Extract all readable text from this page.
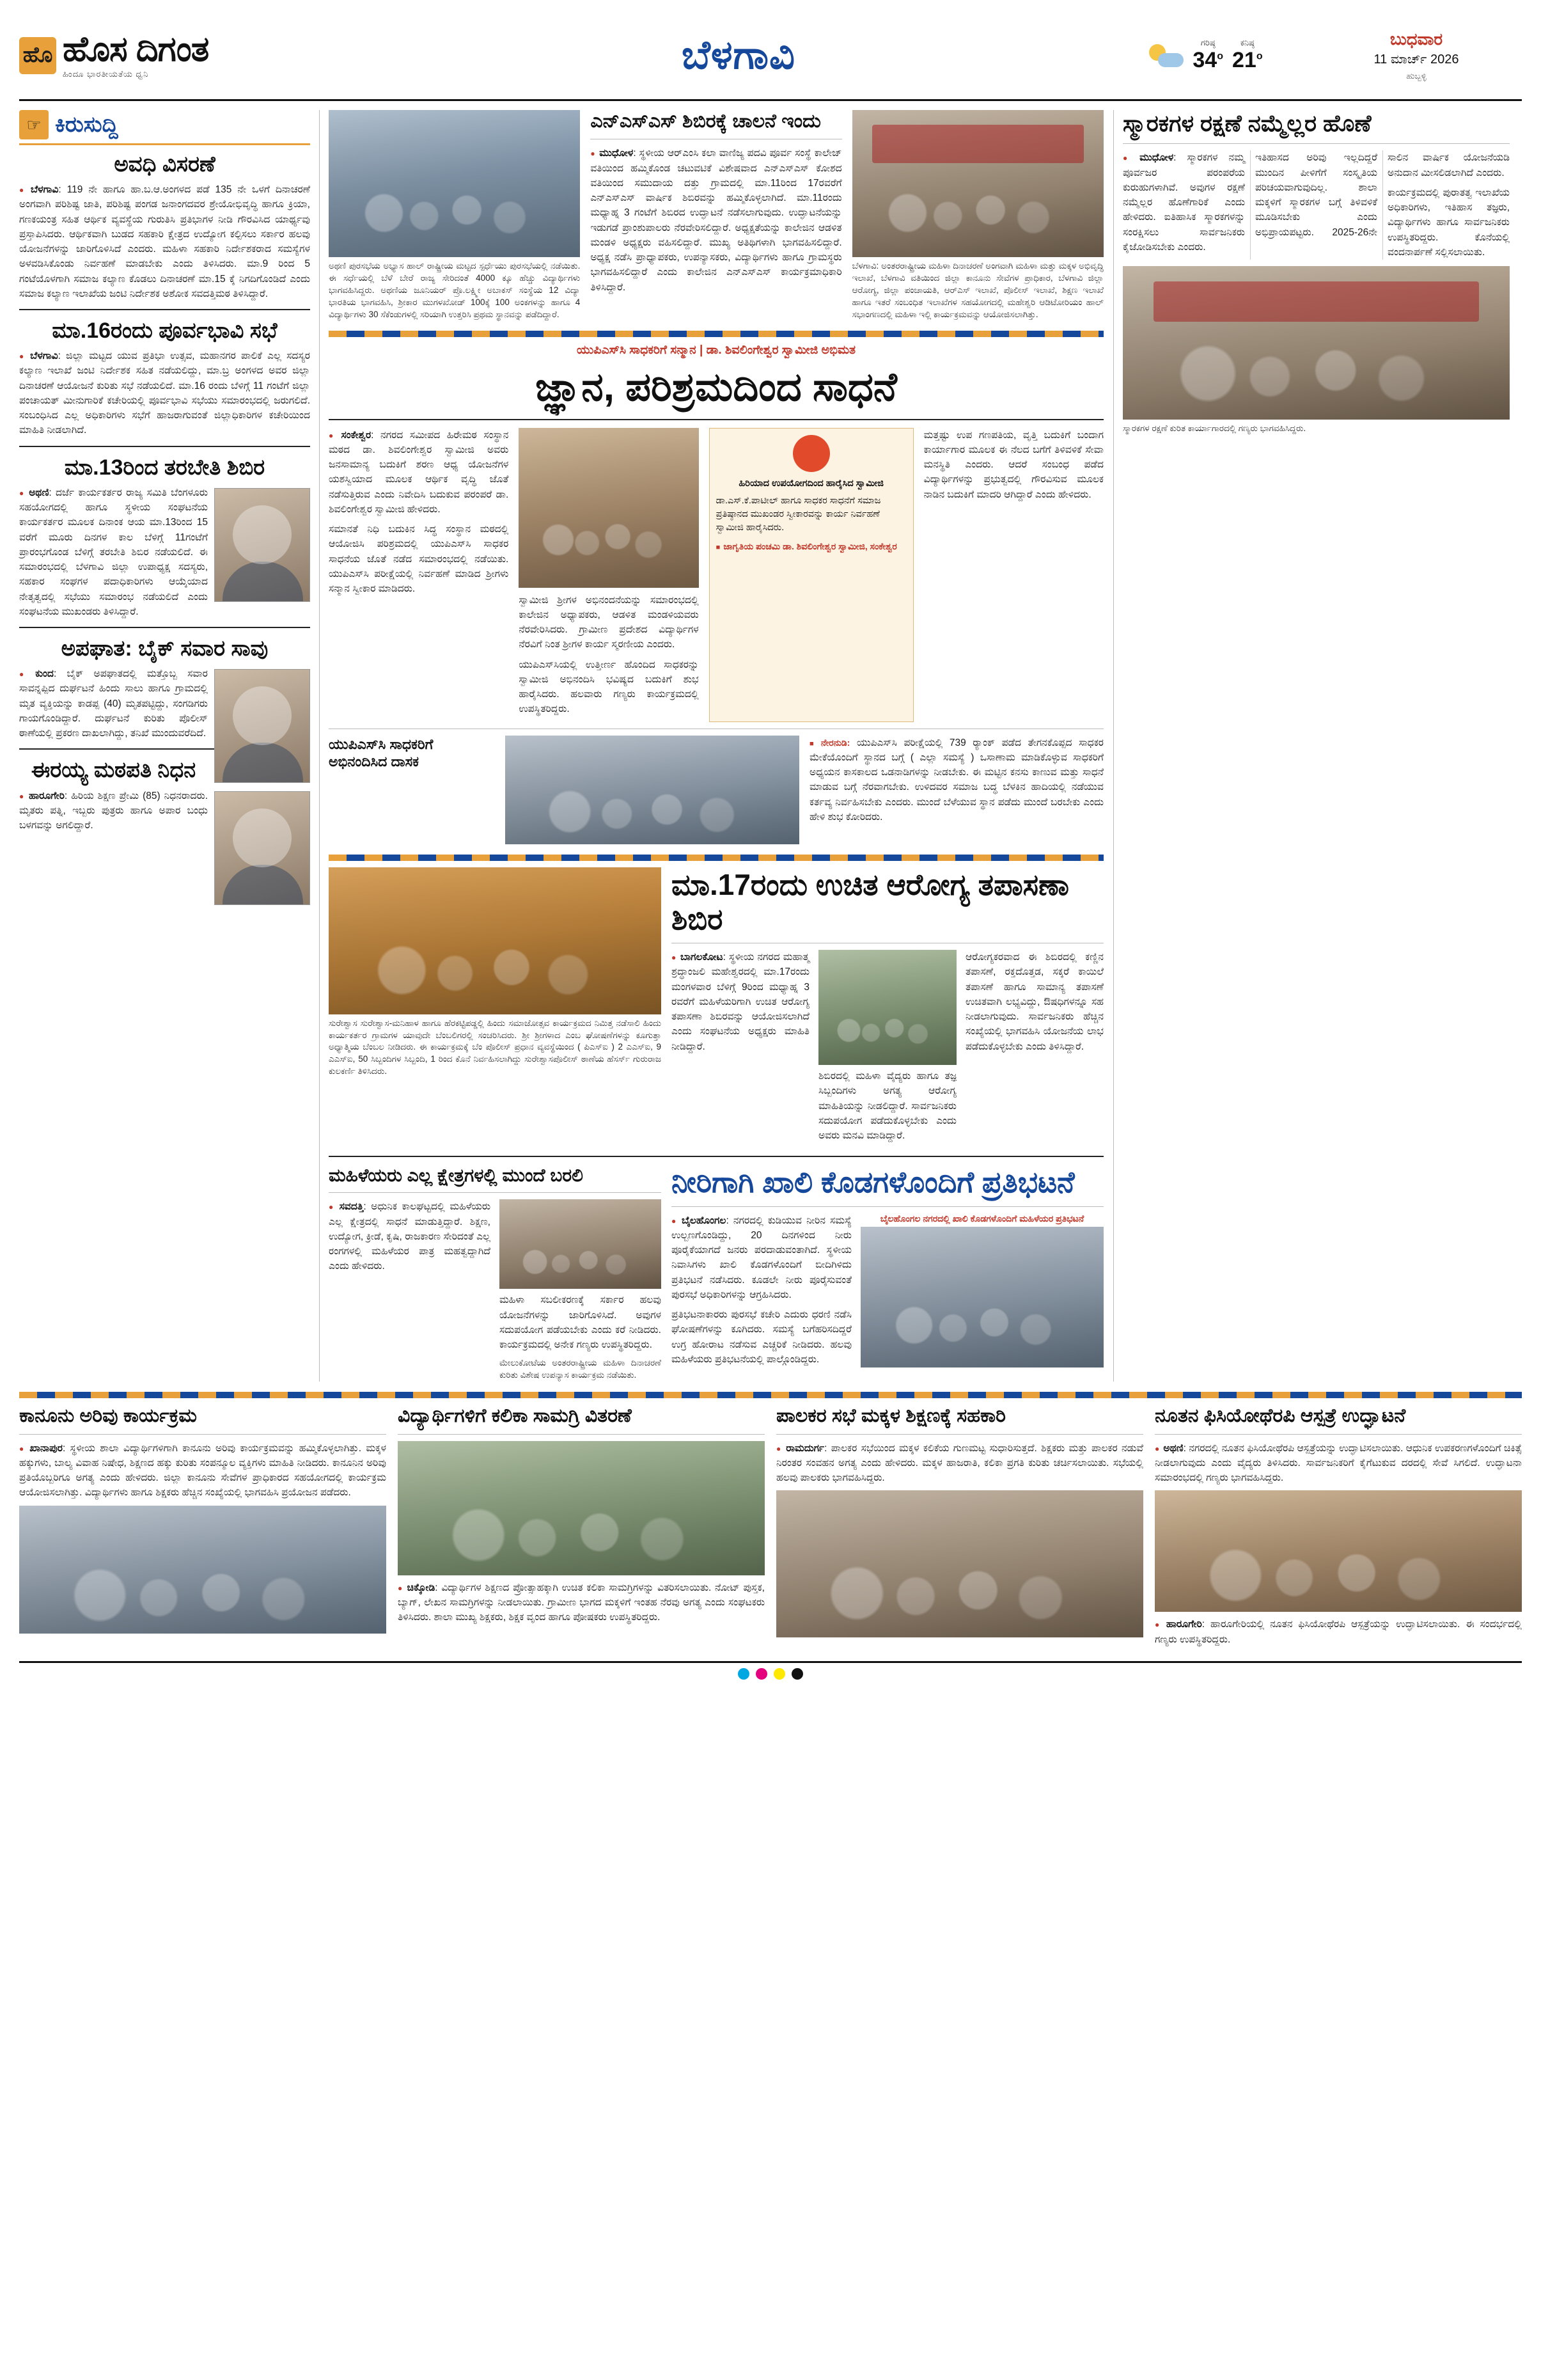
ಹೊ ಹೊಸ ದಿಗಂತ
ಹಿಂದೂ ಭಾರತೀಯತೆಯ ಧ್ವನಿ	ಬೆಳಗಾವಿ	ಗರಿಷ್ಠ
34$^o$
ಕನಿಷ್ಠ
21$^o$
ಬುಧವಾರ
11 ಮಾರ್ಚ್ 2026
ಹುಬ್ಬಳ್ಳಿ
☞ ಕಿರುಸುದ್ದಿ
ಅವಧಿ ವಿಸರಣೆ

● ಬೆಳಗಾವಿ: 119 ನೇ ಹಾಗೂ ಹಾ.ಬ.ಆ.ಅಂಗಳದ ಪಡೆ 135 ನೇ ಒಳಗೆ ದಿನಾಚರಣೆ ಅಂಗವಾಗಿ ಪರಿಶಿಷ್ಟ ಜಾತಿ, ಪರಿಶಿಷ್ಟ ಪಂಗಡ ಜನಾಂಗದವರ ಶ್ರೇಯೋಭಿವೃದ್ಧಿ ಹಾಗೂ ಕ್ರಿಯಾ, ಗಣಕಯಂತ್ರ ಸಹಿತ ಆರ್ಥಿಕ ವ್ಯವಸ್ಥೆಯ ಗುರುತಿಸಿ ಪ್ರತಿಭಾಗಳ ನೀಡಿ ಗೌರವಿಸಿದ ಯಾರ್ಥ್ಯವು ಪ್ರಸ್ತಾಪಿಸಿದರು. ಆರ್ಥಿಕವಾಗಿ ಬುಡದ ಸಹಕಾರಿ ಕ್ಷೇತ್ರದ ಉದ್ಯೋಗ ಕಲ್ಪಿಸಲು ಸರ್ಕಾರ ಹಲವು ಯೋಜನೆಗಳನ್ನು ಜಾರಿಗೊಳಿಸಿದೆ ಎಂದರು. ಮಹಿಳಾ ಸಹಕಾರಿ ನಿರ್ದೇಶಕರಾದ ಸಮಸ್ಯೆಗಳ ಅಳವಡಿಸಿಕೊಂಡು ನಿರ್ವಹಣೆ ಮಾಡಬೇಕು ಎಂದು ತಿಳಿಸಿದರು. ಮಾ.9 ರಿಂದ 5 ಗಂಟೆಯೊಳಗಾಗಿ ಸಮಾಜ ಕಲ್ಯಾಣ ಕೊಡಲು ದಿನಾಚರಣೆ ಮಾ.15 ಕ್ಕೆ ನಿಗದಿಗೊಂಡಿದೆ ಎಂದು ಸಮಾಜ ಕಲ್ಯಾಣ ಇಲಾಖೆಯ ಜಂಟಿ ನಿರ್ದೇಶಕ ಅಶೋಕ ಸವದತ್ತಿಮಠ ತಿಳಿಸಿದ್ದಾರೆ.

ಮಾ.16ರಂದು ಪೂರ್ವಭಾವಿ ಸಭೆ

● ಬೆಳಗಾವಿ: ಜಿಲ್ಲಾ ಮಟ್ಟದ ಯುವ ಪ್ರತಿಭಾ ಉತ್ಸವ, ಮಹಾನಗರ ಪಾಲಿಕೆ ಎಲ್ಲ ಸದಸ್ಯರ ಕಲ್ಯಾಣ ಇಲಾಖೆ ಜಂಟಿ ನಿರ್ದೇಶಕ ಸಹಿತ ನಡೆಯಲಿದ್ದು, ಮಾ.ಬ್ರ ಅಂಗಳದ ಅವರ ಜಿಲ್ಲಾ ದಿನಾಚರಣೆ ಆಯೋಜನೆ ಕುರಿತು ಸಭೆ ನಡೆಯಲಿದೆ. ಮಾ.16 ರಂದು ಬೆಳಿಗ್ಗೆ 11 ಗಂಟೆಗೆ ಜಿಲ್ಲಾ ಪಂಚಾಯತ್ ಮೀನುಗಾರಿಕೆ ಕಚೇರಿಯಲ್ಲಿ ಪೂರ್ವಭಾವಿ ಸಭೆಯು ಸಮಾರಂಭದಲ್ಲಿ ಜರುಗಲಿದೆ. ಸಂಬಂಧಿಸಿದ ಎಲ್ಲ ಅಧಿಕಾರಿಗಳು ಸಭೆಗೆ ಹಾಜರಾಗುವಂತೆ ಜಿಲ್ಲಾಧಿಕಾರಿಗಳ ಕಚೇರಿಯಿಂದ ಮಾಹಿತಿ ನೀಡಲಾಗಿದೆ.

ಮಾ.13ರಿಂದ ತರಬೇತಿ ಶಿಬಿರ

● ಅಥಣಿ: ದರ್ಜೆ ಕಾರ್ಯಕರ್ತರ ರಾಜ್ಯ ಸಮಿತಿ ಬೆಂಗಳೂರು ಸಹಯೋಗದಲ್ಲಿ ಹಾಗೂ ಸ್ಥಳೀಯ ಸಂಘಟನೆಯ ಕಾರ್ಯಕರ್ತರ ಮೂಲಕ ದಿನಾಂಕ ಆಯ ಮಾ.13ರಿಂದ 15 ವರೆಗೆ ಮೂರು ದಿನಗಳ ಕಾಲ ಬೆಳಿಗ್ಗೆ 11ಗಂಟೆಗೆ ಪ್ರಾರಂಭಗೊಂಡ ಬೆಳಿಗ್ಗೆ ತರಬೇತಿ ಶಿಬಿರ ನಡೆಯಲಿದೆ. ಈ ಸಮಾರಂಭದಲ್ಲಿ ಬೆಳಗಾವಿ ಜಿಲ್ಲಾ ಉಪಾಧ್ಯಕ್ಷ ಸದಸ್ಯರು, ಸಹಕಾರ ಸಂಘಗಳ ಪದಾಧಿಕಾರಿಗಳು ಆಯ್ಕೆಯಾದ ನೇತೃತ್ವದಲ್ಲಿ ಸಭೆಯು ಸಮಾರಂಭ ನಡೆಯಲಿದೆ ಎಂದು ಸಂಘಟನೆಯ ಮುಖಂಡರು ತಿಳಿಸಿದ್ದಾರೆ.

ಅಪಘಾತ: ಬೈಕ್ ಸವಾರ ಸಾವು

● ಕುಂದ: ಬೈಕ್ ಅಪಘಾತದಲ್ಲಿ ಮತ್ತೊಬ್ಬ ಸವಾರ ಸಾವನ್ನಪ್ಪಿದ ದುರ್ಘಟನೆ ಹಿಂದು ಸಾಲು ಹಾಗೂ ಗ್ರಾಮದಲ್ಲಿ ಮೃತ ವ್ಯಕ್ತಿಯನ್ನು ಕಾಡಪ್ಪ (40) ಮೃತಪಟ್ಟಿದ್ದು, ಸಂಗಡಿಗರು ಗಾಯಗೊಂಡಿದ್ದಾರೆ. ದುರ್ಘಟನೆ ಕುರಿತು ಪೊಲೀಸ್ ಠಾಣೆಯಲ್ಲಿ ಪ್ರಕರಣ ದಾಖಲಾಗಿದ್ದು, ತನಿಖೆ ಮುಂದುವರೆದಿದೆ.

ಈರಯ್ಯ ಮಠಪತಿ ನಿಧನ

● ಹಾರೂಗೇರಿ: ಹಿರಿಯ ಶಿಕ್ಷಣ ಪ್ರೇಮಿ (85) ನಿಧನರಾದರು. ಮೃತರು ಪತ್ನಿ, ಇಬ್ಬರು ಪುತ್ರರು ಹಾಗೂ ಅಪಾರ ಬಂಧು ಬಳಗವನ್ನು ಅಗಲಿದ್ದಾರೆ.

ಅಥಣಿ ಪುರಸಭೆಯ ಅಭ್ಯಾಸ ಹಾಲ್ ರಾಷ್ಟ್ರೀಯ ಮಟ್ಟದ ಸ್ಪರ್ಧೆಯು ಪುರಸಭೆಯಲ್ಲಿ ನಡೆಯಿತು. ಈ ಸರ್ಧೆಯಲ್ಲಿ ಬೆಳೆ ಬೇರೆ ರಾಜ್ಯ ಸೇರಿದಂತೆ 4000 ಕ್ಕೂ ಹೆಚ್ಚು ವಿದ್ಯಾರ್ಥಿಗಳು ಭಾಗವಹಿಸಿದ್ದರು. ಅಥಣಿಯ ಜೂನಿಯರ್ ಪ್ರೊ.ಲಕ್ಷ್ಮೀ ಅಬಾಕಸ್ ಸಂಸ್ಥೆಯ 12 ವಿದ್ಯಾ ಭಾರತಿಯ ಭಾಗವಹಿಸಿ, ಶ್ರೀಕಾರ ಮುಗಳಖೋಡ್ 100ಕ್ಕೆ 100 ಅಂಕಗಳನ್ನು ಹಾಗೂ 4 ವಿದ್ಯಾರ್ಥಿಗಳು 30 ಸೆಕೆಂಡುಗಳಲ್ಲಿ ಸರಿಯಾಗಿ ಉತ್ತರಿಸಿ ಪ್ರಥಮ ಸ್ಥಾನವನ್ನು ಪಡೆದಿದ್ದಾರೆ.
ಎನ್‌ಎಸ್‌ಎಸ್ ಶಿಬಿರಕ್ಕೆ ಚಾಲನೆ ಇಂದು

● ಮುಧೋಳ: ಸ್ಥಳೀಯ ಆರ್‌ಎಂಸಿ ಕಲಾ ವಾಣಿಜ್ಯ ಪದವಿ ಪೂರ್ವ ಸಂಸ್ಥೆ ಕಾಲೇಜ್ ವತಿಯಿಂದ ಹಮ್ಮಿಕೊಂಡ ಚಟುವಟಿಕೆ ವಿಶೇಷವಾದ ಎನ್‌ಎಸ್‌ಎಸ್ ಕೋಶದ ವತಿಯಿಂದ ಸಮುದಾಯ ದತ್ತು ಗ್ರಾಮದಲ್ಲಿ ಮಾ.11ರಿಂದ 17ರವರೆಗೆ ಎನ್‌ಎಸ್‌ಎಸ್ ವಾರ್ಷಿಕ ಶಿಬಿರವನ್ನು ಹಮ್ಮಿಕೊಳ್ಳಲಾಗಿದೆ. ಮಾ.11ರಂದು ಮಧ್ಯಾಹ್ನ 3 ಗಂಟೆಗೆ ಶಿಬಿರದ ಉದ್ಘಾಟನೆ ನಡೆಸಲಾಗುವುದು. ಉದ್ಘಾಟನೆಯನ್ನು ಇಡುಗಡೆ ಪ್ರಾಂಶುಪಾಲರು ನೆರವೇರಿಸಲಿದ್ದಾರೆ. ಅಧ್ಯಕ್ಷತೆಯನ್ನು ಕಾಲೇಜಿನ ಆಡಳಿತ ಮಂಡಳಿ ಅಧ್ಯಕ್ಷರು ವಹಿಸಲಿದ್ದಾರೆ. ಮುಖ್ಯ ಅತಿಥಿಗಳಾಗಿ ಭಾಗವಹಿಸಲಿದ್ದಾರೆ. ಅಧ್ಯಕ್ಷ ನಡೆಸಿ ಪ್ರಾಧ್ಯಾಪಕರು, ಉಪನ್ಯಾಸಕರು, ವಿದ್ಯಾರ್ಥಿಗಳು ಹಾಗೂ ಗ್ರಾಮಸ್ಥರು ಭಾಗವಹಿಸಲಿದ್ದಾರೆ ಎಂದು ಕಾಲೇಜಿನ ಎನ್‌ಎಸ್‌ಎಸ್ ಕಾರ್ಯಕ್ರಮಾಧಿಕಾರಿ ತಿಳಿಸಿದ್ದಾರೆ.

ಬೆಳಗಾವಿ: ಅಂತರರಾಷ್ಟ್ರೀಯ ಮಹಿಳಾ ದಿನಾಚರಣೆ ಅಂಗವಾಗಿ ಮಹಿಳಾ ಮತ್ತು ಮಕ್ಕಳ ಅಭಿವೃದ್ಧಿ ಇಲಾಖೆ, ಬೆಳಗಾವಿ ವತಿಯಿಂದ ಜಿಲ್ಲಾ ಕಾನೂನು ಸೇವೆಗಳ ಪ್ರಾಧಿಕಾರ, ಬೆಳಗಾವಿ ಜಿಲ್ಲಾ ಆರೋಗ್ಯ, ಜಿಲ್ಲಾ ಪಂಚಾಯತಿ, ಆರ್‌ಎಸ್ ಇಲಾಖೆ, ಪೊಲೀಸ್ ಇಲಾಖೆ, ಶಿಕ್ಷಣ ಇಲಾಖೆ ಹಾಗೂ ಇತರೆ ಸಂಬಂಧಿತ ಇಲಾಖೆಗಳ ಸಹಯೋಗದಲ್ಲಿ ಮಹೇಶ್ವರಿ ಆಡಿಟೋರಿಯಂ ಹಾಲ್ ಸಭಾಂಗಣದಲ್ಲಿ ಮಹಿಳಾ ಇಲ್ಲಿ ಕಾರ್ಯಕ್ರಮವನ್ನು ಆಯೋಜಿಸಲಾಗಿತ್ತು.
ಯುಪಿಎಸ್‌ಸಿ ಸಾಧಕರಿಗೆ ಸನ್ಮಾನ | ಡಾ. ಶಿವಲಿಂಗೇಶ್ವರ ಸ್ವಾಮೀಜಿ ಅಭಿಮತ
ಜ್ಞಾನ, ಪರಿಶ್ರಮದಿಂದ ಸಾಧನೆ

● ಸಂಕೇಶ್ವರ: ನಗರದ ಸಮೀಪದ ಹಿರೇಮಠ ಸಂಸ್ಥಾನ ಮಠದ ಡಾ. ಶಿವಲಿಂಗೇಶ್ವರ ಸ್ವಾಮೀಜಿ ಅವರು ಜನಸಾಮಾನ್ಯ ಬದುಕಿಗೆ ಶರಣ ಆಧ್ಯ ಯೋಜನೆಗಳ ಯಶಸ್ವಿಯಾದ ಮೂಲಕ ಆರ್ಥಿಕ ವೃದ್ಧಿ ಜೊತೆ ನಡೆಸುತ್ತಿರುವ ಎಂದು ನಿವೇದಿಸಿ ಬದುಕುವ ಪರಂಪರೆ ಡಾ. ಶಿವಲಿಂಗೇಶ್ವರ ಸ್ವಾಮೀಜಿ ಹೇಳಿದರು.

ಸಮಾನತೆ ನಿಧಿ ಬದುಕಿನ ಸಿದ್ಧ ಸಂಸ್ಥಾನ ಮಠದಲ್ಲಿ ಆಯೋಜಿಸಿ ಪರಿಶ್ರಮದಲ್ಲಿ ಯುಪಿಎಸ್‌ಸಿ ಸಾಧಕರ ಸಾಧನೆಯ ಜೊತೆ ನಡೆದ ಸಮಾರಂಭದಲ್ಲಿ ನಡೆಯಿತು. ಯುಪಿಎಸ್‌ಸಿ ಪರೀಕ್ಷೆಯಲ್ಲಿ ನಿರ್ವಹಣೆ ಮಾಡಿದ ಶ್ರೀಗಳು ಸನ್ಮಾನ ಸ್ವೀಕಾರ ಮಾಡಿದರು.

ಸ್ವಾಮೀಜಿ ಶ್ರೀಗಳ ಅಭಿನಂದನೆಯನ್ನು ಸಮಾರಂಭದಲ್ಲಿ ಕಾಲೇಜಿನ ಅಧ್ಯಾಪಕರು, ಆಡಳಿತ ಮಂಡಳಿಯವರು ನೆರವೇರಿಸಿದರು. ಗ್ರಾಮೀಣ ಪ್ರದೇಶದ ವಿದ್ಯಾರ್ಥಿಗಳ ನೆರವಿಗೆ ನಿಂತ ಶ್ರೀಗಳ ಕಾರ್ಯ ಸ್ಮರಣೀಯ ಎಂದರು.

ಯುಪಿಎಸ್‌ಸಿಯಲ್ಲಿ ಉತ್ತೀರ್ಣ ಹೊಂದಿದ ಸಾಧಕರನ್ನು ಸ್ವಾಮೀಜಿ ಅಭಿನಂದಿಸಿ ಭವಿಷ್ಯದ ಬದುಕಿಗೆ ಶುಭ ಹಾರೈಸಿದರು. ಹಲವಾರು ಗಣ್ಯರು ಕಾರ್ಯಕ್ರಮದಲ್ಲಿ ಉಪಸ್ಥಿತರಿದ್ದರು.

ಹಿರಿಯಾದ ಉಪಯೋಗದಿಂದ ಹಾರೈಸಿದ ಸ್ವಾಮೀಜಿ
ಡಾ.ಎಸ್.ಕೆ.ಪಾಟೀಲ್ ಹಾಗೂ ಸಾಧಕರ ಸಾಧನೆಗೆ ಸಮಾಜ ಪ್ರತಿಷ್ಠಾನದ ಮುಖಂಡರ ಸ್ವೀಕಾರವನ್ನು ಕಾರ್ಯ ನಿರ್ವಹಣೆ ಸ್ವಾಮೀಜಿ ಹಾರೈಸಿದರು.
■ ಜಾಗೃತಿಯ ಪಂಚಮಿ ಡಾ. ಶಿವಲಿಂಗೇಶ್ವರ ಸ್ವಾಮೀಜಿ, ಸಂಕೇಶ್ವರ

ಮತ್ತಷ್ಟು ಉಪ ಗಣಪತಿಯ, ವೃತ್ತಿ ಬದುಕಿಗೆ ಬಂದಾಗ ಕಾರ್ಯಾಗಾರ ಮೂಲಕ ಈ ನೆಲದ ಬಗೆಗೆ ತಿಳಿವಳಿಕೆ ಸೇವಾ ಮನಸ್ಥಿತಿ ಎಂದರು. ಆದರೆ ಸಂಬಂಧ ಪಡೆದ ವಿದ್ಯಾರ್ಥಿಗಳನ್ನು ಪ್ರಭುತ್ವದಲ್ಲಿ ಗೌರವಿಸುವ ಮೂಲಕ ನಾಡಿನ ಬದುಕಿಗೆ ಮಾದರಿ ಆಗಿದ್ದಾರೆ ಎಂದು ಹೇಳಿದರು.

ಯುಪಿಎಸ್‌ಸಿ ಸಾಧಕರಿಗೆ ಅಭಿನಂದಿಸಿದ ದಾಸಕ

■ ನೇರನುಡಿ: ಯುಪಿಎಸ್‌ಸಿ ಪರೀಕ್ಷೆಯಲ್ಲಿ 739 ರ್‍ಯಾಂಕ್ ಪಡೆದ ತೇಗನಕೊಪ್ಪದ ಸಾಧಕರ ಮೇಕೆಯೊಂದಿಗೆ ಸ್ಥಾನದ ಬಗ್ಗೆ ( ಎಲ್ಲಾ ಸಮಸ್ಯೆ ) ಒಸಾಣಾಮ ಮಾಡಿಕೊಳ್ಳುವ ಸಾಧಕರಿಗೆ ಅಧ್ಯಯನ ಕಾಸಕಾಲದ ಒಡನಾಡಿಗಳನ್ನು ನೀಡಬೇಕು. ಈ ಮಟ್ಟಿನ ಕನಸು ಕಾಣುವ ಮತ್ತು ಸಾಧನೆ ಮಾಡುವ ಬಗ್ಗೆ ನೆರವಾಗಬೇಕು. ಉಳಿದವರ ಸಮಾಜ ಬದ್ಧ ಬೆಳಕಿನ ಹಾದಿಯಲ್ಲಿ ನಡೆಯುವ ಕರ್ತವ್ಯ ನಿರ್ವಹಿಸಬೇಕು ಎಂದರು. ಮುಂದೆ ಬೆಳೆಯುವ ಸ್ಥಾನ ಪಡೆದು ಮುಂದೆ ಬರಬೇಕು ಎಂದು ಹೇಳಿ ಶುಭ ಕೋರಿದರು.

ಸುರೇಶ್ವಾಸ ಸುರೇಶ್ವಾಸ-ಮನಿಹಾಳ ಹಾಗೂ ಹೆರಕಟ್ಟಿಪಡ್ಡಲ್ಲಿ ಹಿಂದು ಸಮಾಜೋತ್ಸವ ಕಾರ್ಯಕ್ರಮದ ನಿಮಿತ್ತ ನಡೆಸಾಲಿ ಹಿಂದು ಕಾರ್ಯಕರ್ತರ ಗ್ರಾಮಗಳ ಯಾವುದೇ ಬೆಂಬಲಿಗರಲ್ಲಿ ಸಂಚರಿಸಿದರು. ಶ್ರೀ ಶ್ರೀಗಳಾದ ಎಂಬ ಘೋಷಣೆಗಳನ್ನು ಕೂಗುತ್ತಾ ಅಧ್ಯಾತ್ಮಿಯ ಬೆಂಬಲ ನೀಡಿದರು. ಈ ಕಾರ್ಯಕ್ರಮಕ್ಕೆ ಬೆಂ ಪೊಲೀಸ್ ಪ್ರಧಾನ ವ್ಯವಸ್ಥೆಯಿಂದ ( ಪಿಎಸ್‌ಐ ) 2 ಎಎಸ್‌ಐ, 9 ಎಎಸ್‌ಐ, 50 ಸಿಬ್ಬಂದಿಗಳ ಸಿಬ್ಬಂದಿ, 1 ರಿಂದ ಕೊನೆ ನಿರ್ವಹಿಸಲಾಗಿದ್ದು ಸುರೇಶ್ವಾಸಪೊಲೀಸ್ ಠಾಣೆಯ ಹೆಸರ್ಸ್ ಗುರುರಾಜ ಕುಲಕರ್ಣಿ ತಿಳಿಸಿದರು.
ಮಾ.17ರಂದು ಉಚಿತ ಆರೋಗ್ಯ ತಪಾಸಣಾ ಶಿಬಿರ

● ಬಾಗಲಕೋಟ: ಸ್ಥಳೀಯ ನಗರದ ಮಹಾತ್ಮ ಶ್ರದ್ಧಾಂಜಲಿ ಮಹೇಶ್ವರದಲ್ಲಿ ಮಾ.17ರಂದು ಮಂಗಳವಾರ ಬೆಳಿಗ್ಗೆ 9ರಿಂದ ಮಧ್ಯಾಹ್ನ 3 ರವರೆಗೆ ಮಹಿಳೆಯರಿಗಾಗಿ ಉಚಿತ ಆರೋಗ್ಯ ತಪಾಸಣಾ ಶಿಬಿರವನ್ನು ಆಯೋಜಿಸಲಾಗಿದೆ ಎಂದು ಸಂಘಟನೆಯ ಅಧ್ಯಕ್ಷರು ಮಾಹಿತಿ ನೀಡಿದ್ದಾರೆ.

ಶಿಬಿರದಲ್ಲಿ ಮಹಿಳಾ ವೈದ್ಯರು ಹಾಗೂ ತಜ್ಞ ಸಿಬ್ಬಂದಿಗಳು ಅಗತ್ಯ ಆರೋಗ್ಯ ಮಾಹಿತಿಯನ್ನು ನೀಡಲಿದ್ದಾರೆ. ಸಾರ್ವಜನಿಕರು ಸದುಪಯೋಗ ಪಡೆದುಕೊಳ್ಳಬೇಕು ಎಂದು ಅವರು ಮನವಿ ಮಾಡಿದ್ದಾರೆ.

ಆರೋಗ್ಯಕರವಾದ ಈ ಶಿಬಿರದಲ್ಲಿ ಕಣ್ಣಿನ ತಪಾಸಣೆ, ರಕ್ತದೊತ್ತಡ, ಸಕ್ಕರೆ ಕಾಯಿಲೆ ತಪಾಸಣೆ ಹಾಗೂ ಸಾಮಾನ್ಯ ತಪಾಸಣೆ ಉಚಿತವಾಗಿ ಲಭ್ಯವಿದ್ದು, ಔಷಧಿಗಳನ್ನೂ ಸಹ ನೀಡಲಾಗುವುದು. ಸಾರ್ವಜನಿಕರು ಹೆಚ್ಚಿನ ಸಂಖ್ಯೆಯಲ್ಲಿ ಭಾಗವಹಿಸಿ ಯೋಜನೆಯ ಲಾಭ ಪಡೆದುಕೊಳ್ಳಬೇಕು ಎಂದು ತಿಳಿಸಿದ್ದಾರೆ.

ಮಹಿಳೆಯರು ಎಲ್ಲ ಕ್ಷೇತ್ರಗಳಲ್ಲಿ ಮುಂದೆ ಬರಲಿ

● ಸವದತ್ತಿ: ಅಧುನಿಕ ಕಾಲಘಟ್ಟದಲ್ಲಿ ಮಹಿಳೆಯರು ಎಲ್ಲ ಕ್ಷೇತ್ರದಲ್ಲಿ ಸಾಧನೆ ಮಾಡುತ್ತಿದ್ದಾರೆ. ಶಿಕ್ಷಣ, ಉದ್ಯೋಗ, ಕ್ರೀಡೆ, ಕೃಷಿ, ರಾಜಕಾರಣ ಸೇರಿದಂತೆ ಎಲ್ಲ ರಂಗಗಳಲ್ಲಿ ಮಹಿಳೆಯರ ಪಾತ್ರ ಮಹತ್ವದ್ದಾಗಿದೆ ಎಂದು ಹೇಳಿದರು.

ಮಹಿಳಾ ಸಬಲೀಕರಣಕ್ಕೆ ಸರ್ಕಾರ ಹಲವು ಯೋಜನೆಗಳನ್ನು ಜಾರಿಗೊಳಿಸಿದೆ. ಅವುಗಳ ಸದುಪಯೋಗ ಪಡೆಯಬೇಕು ಎಂದು ಕರೆ ನೀಡಿದರು. ಕಾರ್ಯಕ್ರಮದಲ್ಲಿ ಅನೇಕ ಗಣ್ಯರು ಉಪಸ್ಥಿತರಿದ್ದರು.

ಮೇಲುಕೋಟೆಯ ಅಂತರರಾಷ್ಟ್ರೀಯ ಮಹಿಳಾ ದಿನಾಚರಣೆ ಕುರಿತು ವಿಶೇಷ ಉಪನ್ಯಾಸ ಕಾರ್ಯಕ್ರಮ ನಡೆಯಿತು.
ನೀರಿಗಾಗಿ ಖಾಲಿ ಕೊಡಗಳೊಂದಿಗೆ ಪ್ರತಿಭಟನೆ

● ಬೈಲಹೊಂಗಲ: ನಗರದಲ್ಲಿ ಕುಡಿಯುವ ನೀರಿನ ಸಮಸ್ಯೆ ಉಲ್ಬಣಗೊಂಡಿದ್ದು, 20 ದಿನಗಳಿಂದ ನೀರು ಪೂರೈಕೆಯಾಗದೆ ಜನರು ಪರದಾಡುವಂತಾಗಿದೆ. ಸ್ಥಳೀಯ ನಿವಾಸಿಗಳು ಖಾಲಿ ಕೊಡಗಳೊಂದಿಗೆ ಬೀದಿಗಿಳಿದು ಪ್ರತಿಭಟನೆ ನಡೆಸಿದರು. ಕೂಡಲೇ ನೀರು ಪೂರೈಸುವಂತೆ ಪುರಸಭೆ ಅಧಿಕಾರಿಗಳನ್ನು ಆಗ್ರಹಿಸಿದರು.

ಪ್ರತಿಭಟನಾಕಾರರು ಪುರಸಭೆ ಕಚೇರಿ ಎದುರು ಧರಣಿ ನಡೆಸಿ ಘೋಷಣೆಗಳನ್ನು ಕೂಗಿದರು. ಸಮಸ್ಯೆ ಬಗೆಹರಿಸದಿದ್ದರೆ ಉಗ್ರ ಹೋರಾಟ ನಡೆಸುವ ಎಚ್ಚರಿಕೆ ನೀಡಿದರು. ಹಲವು ಮಹಿಳೆಯರು ಪ್ರತಿಭಟನೆಯಲ್ಲಿ ಪಾಲ್ಗೊಂಡಿದ್ದರು.

ಬೈಲಹೊಂಗಲ ನಗರದಲ್ಲಿ ಖಾಲಿ ಕೊಡಗಳೊಂದಿಗೆ ಮಹಿಳೆಯರ ಪ್ರತಿಭಟನೆ
ಸ್ಮಾರಕಗಳ ರಕ್ಷಣೆ ನಮ್ಮೆಲ್ಲರ ಹೊಣೆ

● ಮುಧೋಳ: ಸ್ಮಾರಕಗಳ ನಮ್ಮ ಪೂರ್ವಜರ ಪರಂಪರೆಯ ಕುರುಹುಗಳಾಗಿವೆ. ಅವುಗಳ ರಕ್ಷಣೆ ನಮ್ಮೆಲ್ಲರ ಹೊಣೆಗಾರಿಕೆ ಎಂದು ಹೇಳಿದರು. ಐತಿಹಾಸಿಕ ಸ್ಮಾರಕಗಳನ್ನು ಸಂರಕ್ಷಿಸಲು ಸಾರ್ವಜನಿಕರು ಕೈಜೋಡಿಸಬೇಕು ಎಂದರು.

ಇತಿಹಾಸದ ಅರಿವು ಇಲ್ಲದಿದ್ದರೆ ಮುಂದಿನ ಪೀಳಿಗೆಗೆ ಸಂಸ್ಕೃತಿಯ ಪರಿಚಯವಾಗುವುದಿಲ್ಲ. ಶಾಲಾ ಮಕ್ಕಳಿಗೆ ಸ್ಮಾರಕಗಳ ಬಗ್ಗೆ ತಿಳಿವಳಿಕೆ ಮೂಡಿಸಬೇಕು ಎಂದು ಅಭಿಪ್ರಾಯಪಟ್ಟರು. 2025-26ನೇ ಸಾಲಿನ ವಾರ್ಷಿಕ ಯೋಜನೆಯಡಿ ಅನುದಾನ ಮೀಸಲಿಡಲಾಗಿದೆ ಎಂದರು.

ಕಾರ್ಯಕ್ರಮದಲ್ಲಿ ಪುರಾತತ್ವ ಇಲಾಖೆಯ ಅಧಿಕಾರಿಗಳು, ಇತಿಹಾಸ ತಜ್ಞರು, ವಿದ್ಯಾರ್ಥಿಗಳು ಹಾಗೂ ಸಾರ್ವಜನಿಕರು ಉಪಸ್ಥಿತರಿದ್ದರು. ಕೊನೆಯಲ್ಲಿ ವಂದನಾರ್ಪಣೆ ಸಲ್ಲಿಸಲಾಯಿತು.

ಸ್ಮಾರಕಗಳ ರಕ್ಷಣೆ ಕುರಿತ ಕಾರ್ಯಾಗಾರದಲ್ಲಿ ಗಣ್ಯರು ಭಾಗವಹಿಸಿದ್ದರು.
ಕಾನೂನು ಅರಿವು ಕಾರ್ಯಕ್ರಮ

● ಖಾನಾಪುರ: ಸ್ಥಳೀಯ ಶಾಲಾ ವಿದ್ಯಾರ್ಥಿಗಳಿಗಾಗಿ ಕಾನೂನು ಅರಿವು ಕಾರ್ಯಕ್ರಮವನ್ನು ಹಮ್ಮಿಕೊಳ್ಳಲಾಗಿತ್ತು. ಮಕ್ಕಳ ಹಕ್ಕುಗಳು, ಬಾಲ್ಯ ವಿವಾಹ ನಿಷೇಧ, ಶಿಕ್ಷಣದ ಹಕ್ಕು ಕುರಿತು ಸಂಪನ್ಮೂಲ ವ್ಯಕ್ತಿಗಳು ಮಾಹಿತಿ ನೀಡಿದರು. ಕಾನೂನಿನ ಅರಿವು ಪ್ರತಿಯೊಬ್ಬರಿಗೂ ಅಗತ್ಯ ಎಂದು ಹೇಳಿದರು. ಜಿಲ್ಲಾ ಕಾನೂನು ಸೇವೆಗಳ ಪ್ರಾಧಿಕಾರದ ಸಹಯೋಗದಲ್ಲಿ ಕಾರ್ಯಕ್ರಮ ಆಯೋಜಿಸಲಾಗಿತ್ತು. ವಿದ್ಯಾರ್ಥಿಗಳು ಹಾಗೂ ಶಿಕ್ಷಕರು ಹೆಚ್ಚಿನ ಸಂಖ್ಯೆಯಲ್ಲಿ ಭಾಗವಹಿಸಿ ಪ್ರಯೋಜನ ಪಡೆದರು.

ವಿದ್ಯಾರ್ಥಿಗಳಿಗೆ ಕಲಿಕಾ ಸಾಮಗ್ರಿ ವಿತರಣೆ

● ಚಿಕ್ಕೋಡಿ: ವಿದ್ಯಾರ್ಥಿಗಳ ಶಿಕ್ಷಣದ ಪ್ರೋತ್ಸಾಹಕ್ಕಾಗಿ ಉಚಿತ ಕಲಿಕಾ ಸಾಮಗ್ರಿಗಳನ್ನು ವಿತರಿಸಲಾಯಿತು. ನೋಟ್ ಪುಸ್ತಕ, ಬ್ಯಾಗ್, ಲೇಖನ ಸಾಮಗ್ರಿಗಳನ್ನು ನೀಡಲಾಯಿತು. ಗ್ರಾಮೀಣ ಭಾಗದ ಮಕ್ಕಳಿಗೆ ಇಂತಹ ನೆರವು ಅಗತ್ಯ ಎಂದು ಸಂಘಟಕರು ತಿಳಿಸಿದರು. ಶಾಲಾ ಮುಖ್ಯ ಶಿಕ್ಷಕರು, ಶಿಕ್ಷಕ ವೃಂದ ಹಾಗೂ ಪೋಷಕರು ಉಪಸ್ಥಿತರಿದ್ದರು.

ಪಾಲಕರ ಸಭೆ ಮಕ್ಕಳ ಶಿಕ್ಷಣಕ್ಕೆ ಸಹಕಾರಿ

● ರಾಮದುರ್ಗ: ಪಾಲಕರ ಸಭೆಯಿಂದ ಮಕ್ಕಳ ಕಲಿಕೆಯ ಗುಣಮಟ್ಟ ಸುಧಾರಿಸುತ್ತದೆ. ಶಿಕ್ಷಕರು ಮತ್ತು ಪಾಲಕರ ನಡುವೆ ನಿರಂತರ ಸಂವಹನ ಅಗತ್ಯ ಎಂದು ಹೇಳಿದರು. ಮಕ್ಕಳ ಹಾಜರಾತಿ, ಕಲಿಕಾ ಪ್ರಗತಿ ಕುರಿತು ಚರ್ಚಿಸಲಾಯಿತು. ಸಭೆಯಲ್ಲಿ ಹಲವು ಪಾಲಕರು ಭಾಗವಹಿಸಿದ್ದರು.

ನೂತನ ಫಿಸಿಯೋಥೆರಪಿ ಆಸ್ಪತ್ರೆ ಉದ್ಘಾಟನೆ

● ಅಥಣಿ: ನಗರದಲ್ಲಿ ನೂತನ ಫಿಸಿಯೋಥೆರಪಿ ಆಸ್ಪತ್ರೆಯನ್ನು ಉದ್ಘಾಟಿಸಲಾಯಿತು. ಆಧುನಿಕ ಉಪಕರಣಗಳೊಂದಿಗೆ ಚಿಕಿತ್ಸೆ ನೀಡಲಾಗುವುದು ಎಂದು ವೈದ್ಯರು ತಿಳಿಸಿದರು. ಸಾರ್ವಜನಿಕರಿಗೆ ಕೈಗೆಟುಕುವ ದರದಲ್ಲಿ ಸೇವೆ ಸಿಗಲಿದೆ. ಉದ್ಘಾಟನಾ ಸಮಾರಂಭದಲ್ಲಿ ಗಣ್ಯರು ಭಾಗವಹಿಸಿದ್ದರು.

● ಹಾರೂಗೇರಿ: ಹಾರೂಗೇರಿಯಲ್ಲಿ ನೂತನ ಫಿಸಿಯೋಥೆರಪಿ ಆಸ್ಪತ್ರೆಯನ್ನು ಉದ್ಘಾಟಿಸಲಾಯಿತು. ಈ ಸಂದರ್ಭದಲ್ಲಿ ಗಣ್ಯರು ಉಪಸ್ಥಿತರಿದ್ದರು.
